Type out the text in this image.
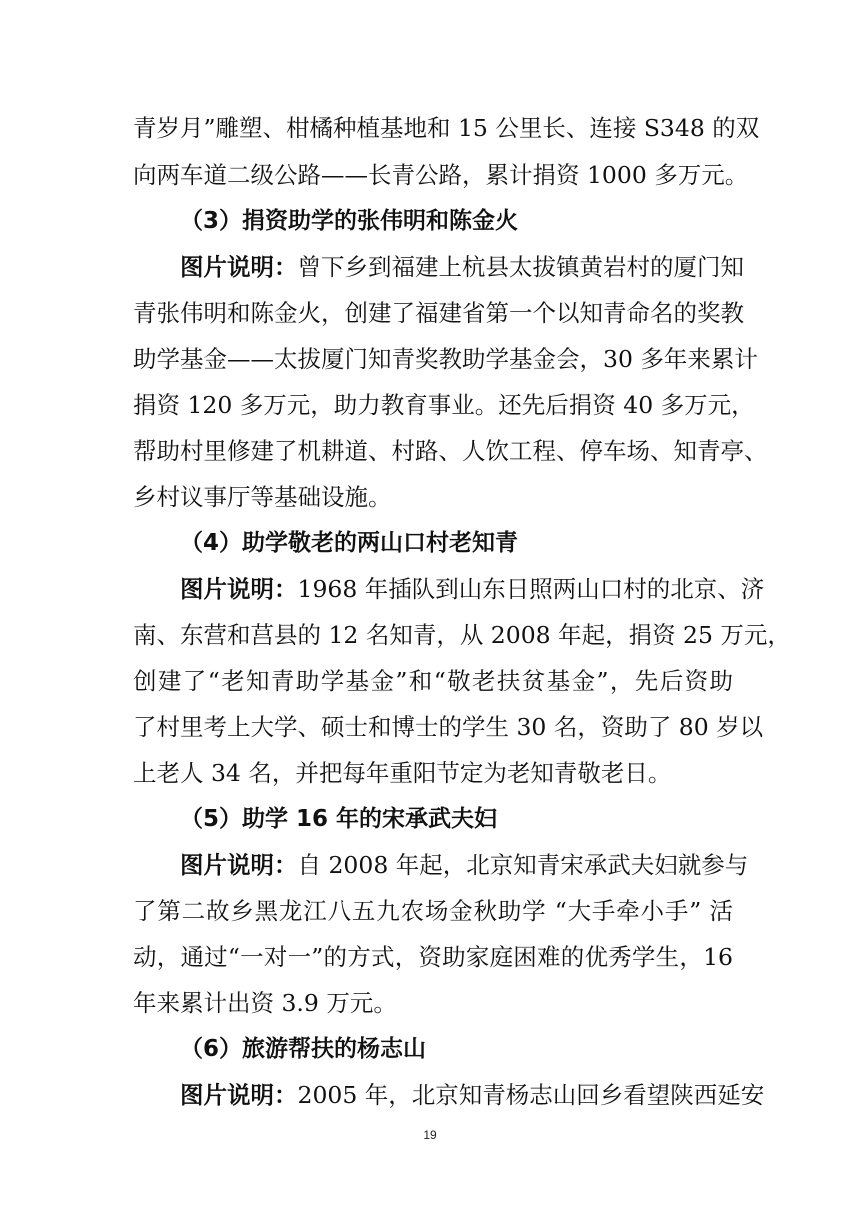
青岁月”雕塑、柑橘种植基地和 15 公里长、连接 S348 的双

向两车道二级公路——长青公路，累计捐资 1000 多万元。

（3）捐资助学的张伟明和陈金火

图片说明：曾下乡到福建上杭县太拔镇黄岩村的厦门知

青张伟明和陈金火，创建了福建省第一个以知青命名的奖教

助学基金——太拔厦门知青奖教助学基金会，30 多年来累计

捐资 120 多万元，助力教育事业。还先后捐资 40 多万元，

帮助村里修建了机耕道、村路、人饮工程、停车场、知青亭、

乡村议事厅等基础设施。

（4）助学敬老的两山口村老知青

图片说明：1968 年插队到山东日照两山口村的北京、济

南、东营和莒县的 12 名知青，从 2008 年起，捐资 25 万元，

创建了“老知青助学基金”和“敬老扶贫基金”，先后资助

了村里考上大学、硕士和博士的学生 30 名，资助了 80 岁以

上老人 34 名，并把每年重阳节定为老知青敬老日。

（5）助学 16 年的宋承武夫妇

图片说明：自 2008 年起，北京知青宋承武夫妇就参与

了第二故乡黑龙江八五九农场金秋助学 “大手牵小手” 活

动，通过“一对一”的方式，资助家庭困难的优秀学生，16

年来累计出资 3.9 万元。

（6）旅游帮扶的杨志山

图片说明：2005 年，北京知青杨志山回乡看望陕西延安

19
